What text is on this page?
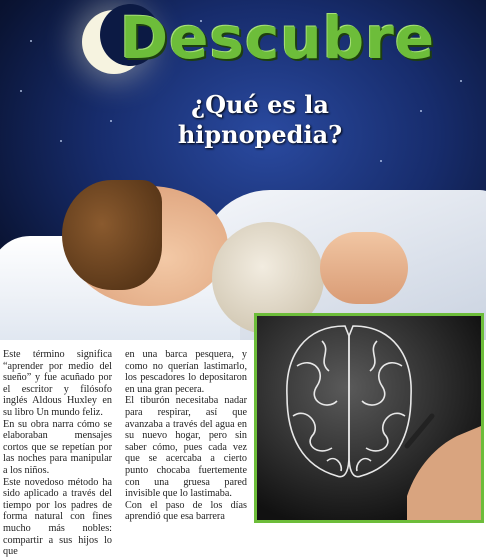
Descubre
¿Qué es la hipnopedia?

Este término significa “aprender por medio del sueño” y fue acuñado por el escritor y filósofo inglés Aldous Huxley en su libro Un mundo feliz.

En su obra narra cómo se elaboraban mensajes cortos que se repetían por las noches para manipular a los niños.

Este novedoso método ha sido aplicado a través del tiempo por los padres de forma natural con fines mucho más nobles: compartir a sus hijos lo que

en una barca pesquera, y como no querían lastimarlo, los pescadores lo depositaron en una gran pecera.

El tiburón necesitaba nadar para respirar, así que avanzaba a través del agua en su nuevo hogar, pero sin saber cómo, pues cada vez que se acercaba a cierto punto chocaba fuertemente con una gruesa pared invisible que lo lastimaba.

Con el paso de los días aprendió que esa barrera
